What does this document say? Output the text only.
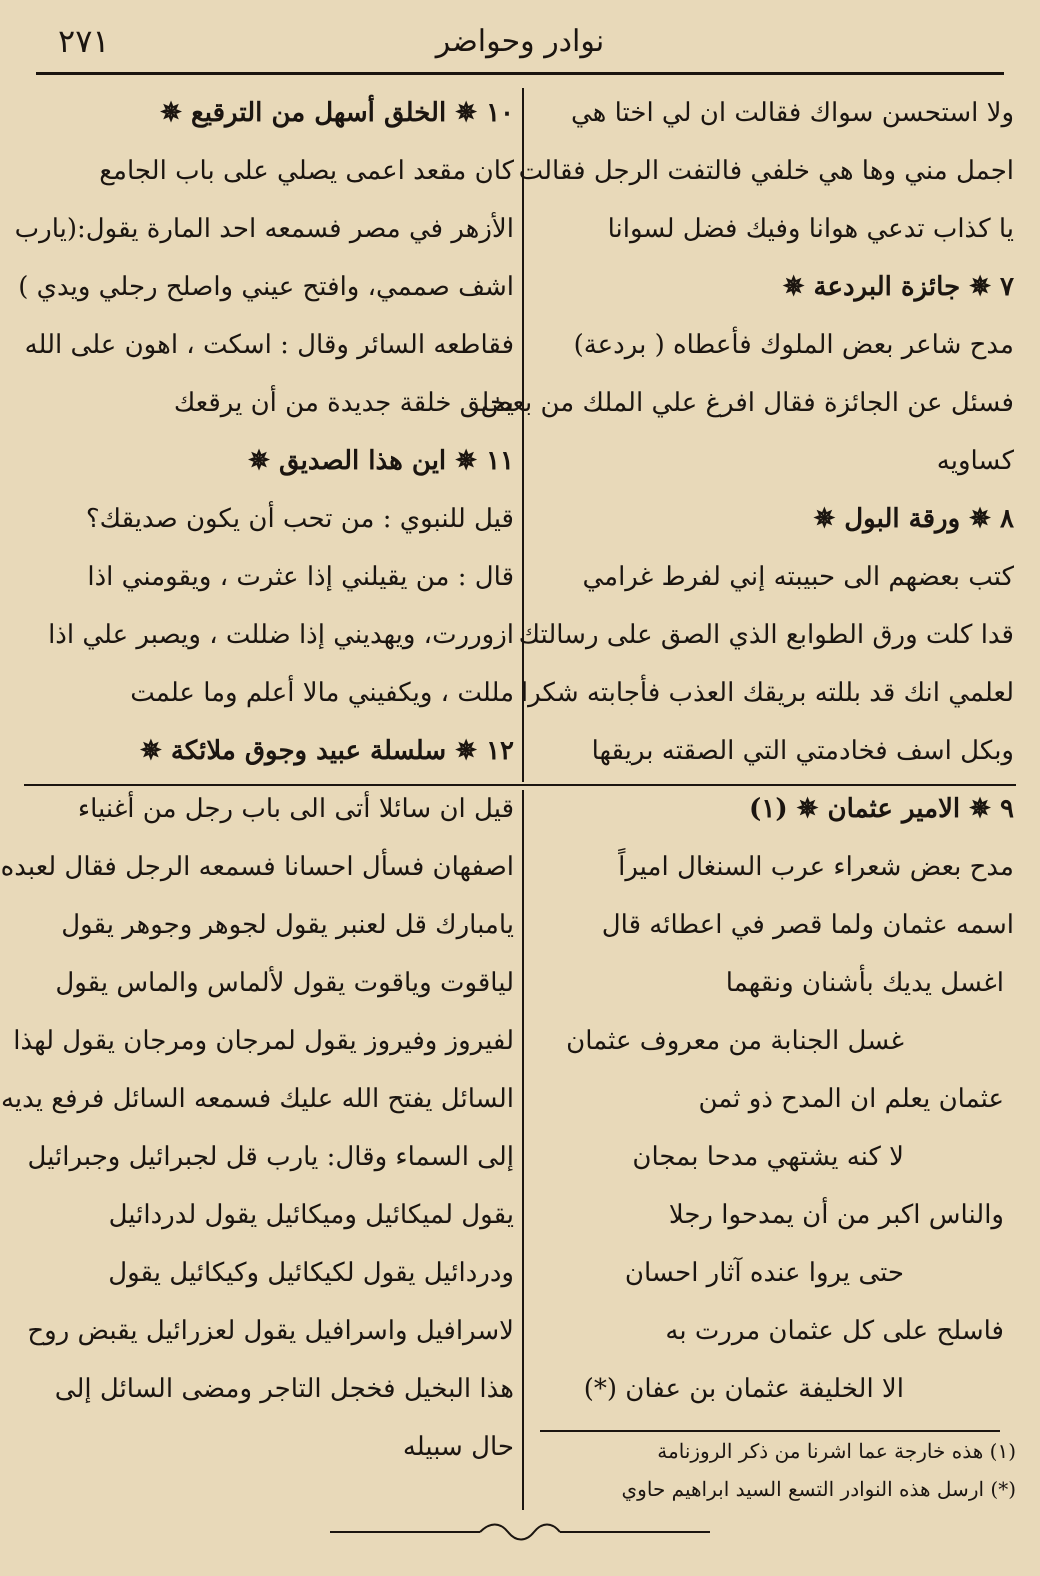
٢٧١	نوادر وحواضر
ولا استحسن سواك فقالت ان لي اختا هي
اجمل مني وها هي خلفي فالتفت الرجل فقالت
يا كذاب تدعي هوانا وفيك فضل لسوانا
٧ ✵ جائزة البردعة ✵
مدح شاعر بعض الملوك فأعطاه ( بردعة)
فسئل عن الجائزة فقال افرغ علي الملك من بعض
كساويه
٨ ✵ ورقة البول ✵
كتب بعضهم الى حبيبته إني لفرط غرامي
قدا كلت ورق الطوابع الذي الصق على رسالتك
لعلمي انك قد بللته بريقك العذب فأجابته شكرا
وبكل اسف فخادمتي التي الصقته بريقها
١٠ ✵ الخلق أسهل من الترقيع ✵
كان مقعد اعمى يصلي على باب الجامع
الأزهر في مصر فسمعه احد المارة يقول:(يارب
اشف صممي، وافتح عيني واصلح رجلي ويدي )
فقاطعه السائر وقال : اسكت ، اهون على الله
يخلق خلقة جديدة من أن يرقعك
١١ ✵ اين هذا الصديق ✵
قيل للنبوي : من تحب أن يكون صديقك؟
قال : من يقيلني إذا عثرت ، ويقومني اذا
ازوررت، ويهديني إذا ضللت ، ويصبر علي اذا
مللت ، ويكفيني مالا أعلم وما علمت
١٢ ✵ سلسلة عبيد وجوق ملائكة ✵
٩ ✵ الامير عثمان ✵ (١)
مدح بعض شعراء عرب السنغال اميراً
اسمه عثمان ولما قصر في اعطائه قال
اغسل يديك بأشنان ونقهما
غسل الجنابة من معروف عثمان
عثمان يعلم ان المدح ذو ثمن
لا كنه يشتهي مدحا بمجان
والناس اكبر من أن يمدحوا رجلا
حتى يروا عنده آثار احسان
فاسلح على كل عثمان مررت به
الا الخليفة عثمان بن عفان (*)
قيل ان سائلا أتى الى باب رجل من أغنياء
اصفهان فسأل احسانا فسمعه الرجل فقال لعبده
يامبارك قل لعنبر يقول لجوهر وجوهر يقول
لياقوت وياقوت يقول لألماس والماس يقول
لفيروز وفيروز يقول لمرجان ومرجان يقول لهذا
السائل يفتح الله عليك فسمعه السائل فرفع يديه
إلى السماء وقال: يارب قل لجبرائيل وجبرائيل
يقول لميكائيل وميكائيل يقول لدردائيل
ودردائيل يقول لكيكائيل وكيكائيل يقول
لاسرافيل واسرافيل يقول لعزرائيل يقبض روح
هذا البخيل فخجل التاجر ومضى السائل إلى
حال سبيله	(١) هذه خارجة عما اشرنا من ذكر الروزنامة
(*) ارسل هذه النوادر التسع السيد ابراهيم حاوي
